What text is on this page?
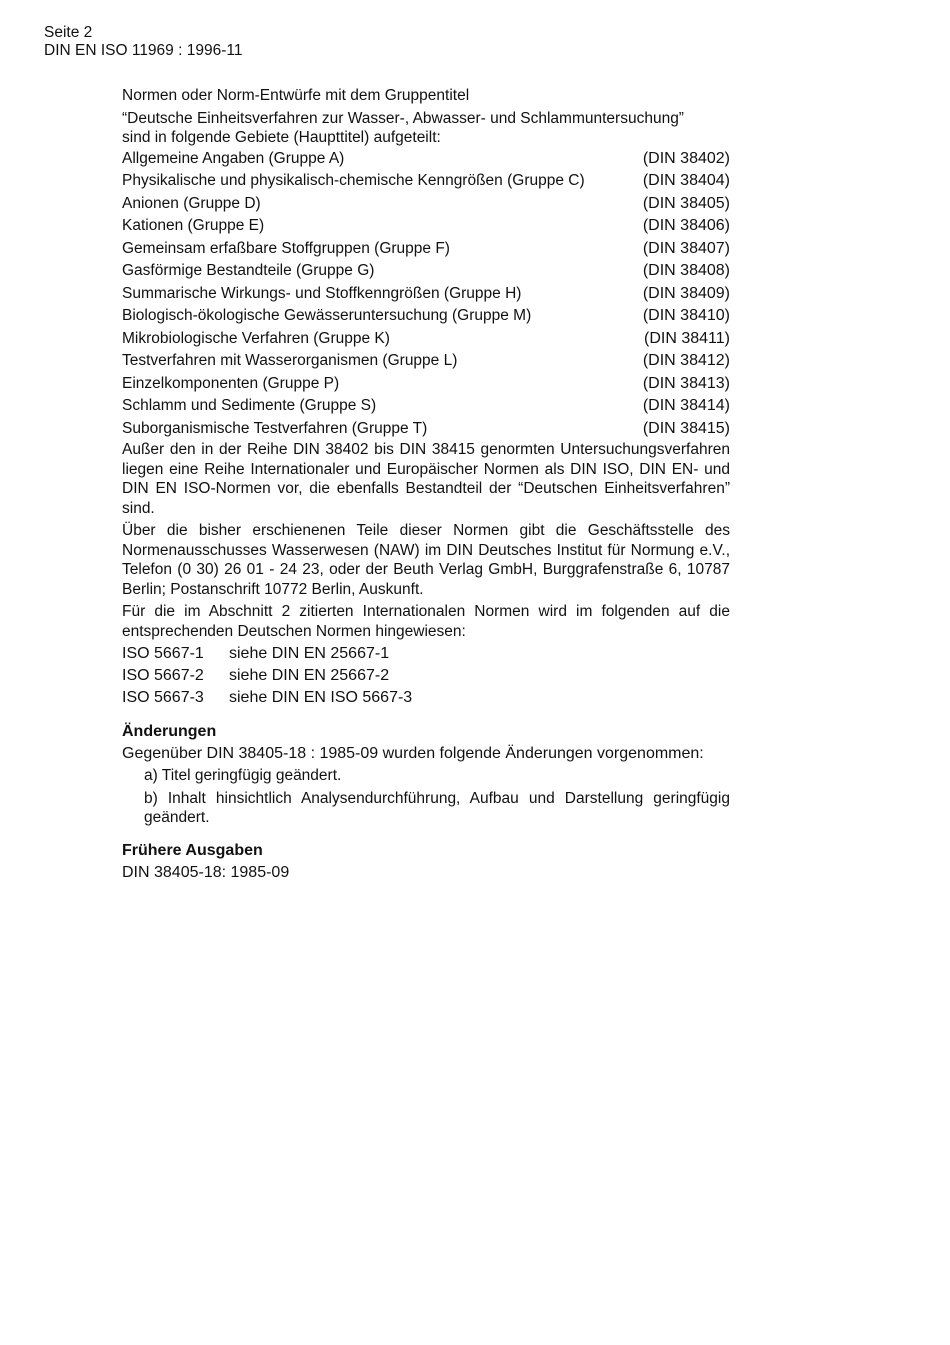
Seite 2
DIN EN ISO 11969 : 1996-11
Normen oder Norm-Entwürfe mit dem Gruppentitel
“Deutsche Einheitsverfahren zur Wasser-, Abwasser- und Schlammuntersuchung”
sind in folgende Gebiete (Haupttitel) aufgeteilt:
Allgemeine Angaben (Gruppe A)	(DIN 38402)
Physikalische und physikalisch-chemische Kenngrößen (Gruppe C)	(DIN 38404)
Anionen (Gruppe D)	(DIN 38405)
Kationen (Gruppe E)	(DIN 38406)
Gemeinsam erfaßbare Stoffgruppen (Gruppe F)	(DIN 38407)
Gasförmige Bestandteile (Gruppe G)	(DIN 38408)
Summarische Wirkungs- und Stoffkenngrößen (Gruppe H)	(DIN 38409)
Biologisch-ökologische Gewässeruntersuchung (Gruppe M)	(DIN 38410)
Mikrobiologische Verfahren (Gruppe K)	(DIN 38411)
Testverfahren mit Wasserorganismen (Gruppe L)	(DIN 38412)
Einzelkomponenten (Gruppe P)	(DIN 38413)
Schlamm und Sedimente (Gruppe S)	(DIN 38414)
Suborganismische Testverfahren (Gruppe T)	(DIN 38415)
Außer den in der Reihe DIN 38402 bis DIN 38415 genormten Untersuchungsverfahren liegen eine Reihe Internationaler und Europäischer Normen als DIN ISO, DIN EN- und DIN EN ISO-Normen vor, die ebenfalls Bestandteil der “Deutschen Einheitsverfahren” sind.
Über die bisher erschienenen Teile dieser Normen gibt die Geschäftsstelle des Normenausschusses Wasserwesen (NAW) im DIN Deutsches Institut für Normung e.V., Telefon (0 30) 26 01 - 24 23, oder der Beuth Verlag GmbH, Burggrafenstraße 6, 10787 Berlin; Postanschrift 10772 Berlin, Auskunft.
Für die im Abschnitt 2 zitierten Internationalen Normen wird im folgenden auf die entsprechenden Deutschen Normen hingewiesen:
ISO 5667-1	siehe DIN EN 25667-1
ISO 5667-2	siehe DIN EN 25667-2
ISO 5667-3	siehe DIN EN ISO 5667-3
Änderungen
Gegenüber DIN 38405-18 : 1985-09 wurden folgende Änderungen vorgenommen:
a) Titel geringfügig geändert.
b) Inhalt hinsichtlich Analysendurchführung, Aufbau und Darstellung geringfügig geändert.
Frühere Ausgaben
DIN 38405-18: 1985-09
